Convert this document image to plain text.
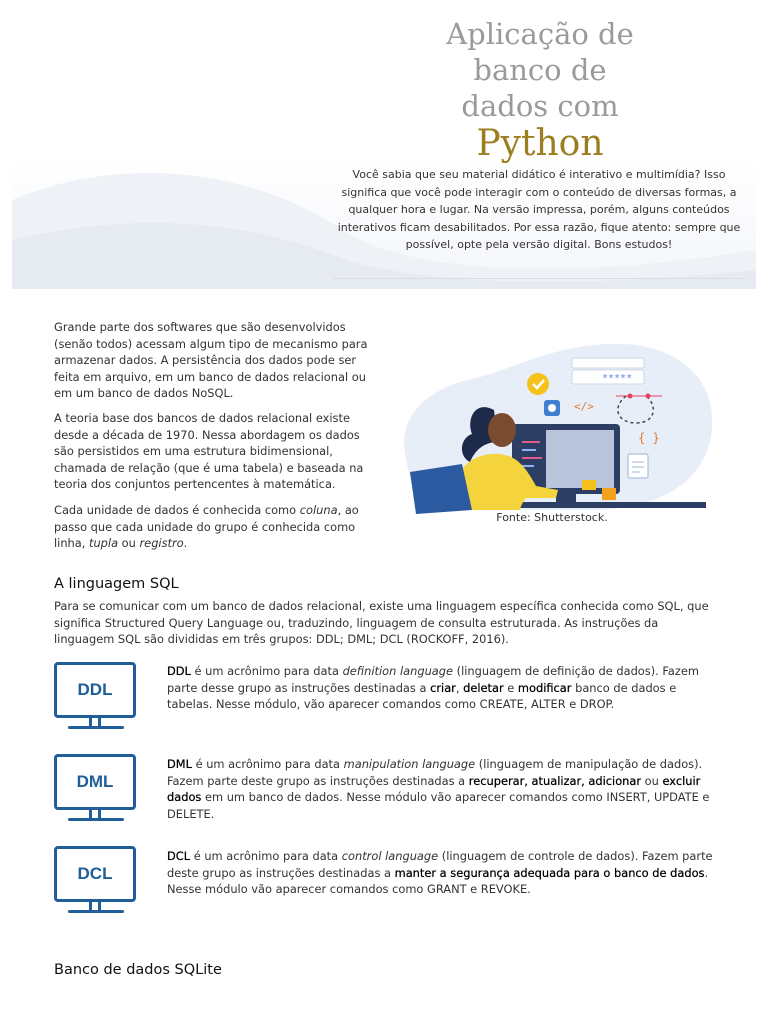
Aplicação de
banco de
dados com
Python
Você sabia que seu material didático é interativo e multimídia? Isso significa que você pode interagir com o conteúdo de diversas formas, a qualquer hora e lugar. Na versão impressa, porém, alguns conteúdos interativos ficam desabilitados. Por essa razão, fique atento: sempre que possível, opte pela versão digital. Bons estudos!
Grande parte dos softwares que são desenvolvidos (senão todos) acessam algum tipo de mecanismo para armazenar dados. A persistência dos dados pode ser feita em arquivo, em um banco de dados relacional ou em um banco de dados NoSQL.
A teoria base dos bancos de dados relacional existe desde a década de 1970. Nessa abordagem os dados são persistidos em uma estrutura bidimensional, chamada de relação (que é uma tabela) e baseada na teoria dos conjuntos pertencentes à matemática.
Cada unidade de dados é conhecida como coluna, ao passo que cada unidade do grupo é conhecida como linha, tupla ou registro.
*****
</>
{ }
Fonte: Shutterstock.
A linguagem SQL
Para se comunicar com um banco de dados relacional, existe uma linguagem específica conhecida como SQL, que significa Structured Query Language ou, traduzindo, linguagem de consulta estruturada. As instruções da linguagem SQL são divididas em três grupos: DDL; DML; DCL (ROCKOFF, 2016).
DDL
DDL é um acrônimo para data definition language (linguagem de definição de dados). Fazem parte desse grupo as instruções destinadas a criar, deletar e modificar banco de dados e tabelas. Nesse módulo, vão aparecer comandos como CREATE, ALTER e DROP.
DML
DML é um acrônimo para data manipulation language (linguagem de manipulação de dados). Fazem parte deste grupo as instruções destinadas a recuperar, atualizar, adicionar ou excluir dados em um banco de dados. Nesse módulo vão aparecer comandos como INSERT, UPDATE e DELETE.
DCL
DCL é um acrônimo para data control language (linguagem de controle de dados). Fazem parte deste grupo as instruções destinadas a manter a segurança adequada para o banco de dados. Nesse módulo vão aparecer comandos como GRANT e REVOKE.
Banco de dados SQLite
